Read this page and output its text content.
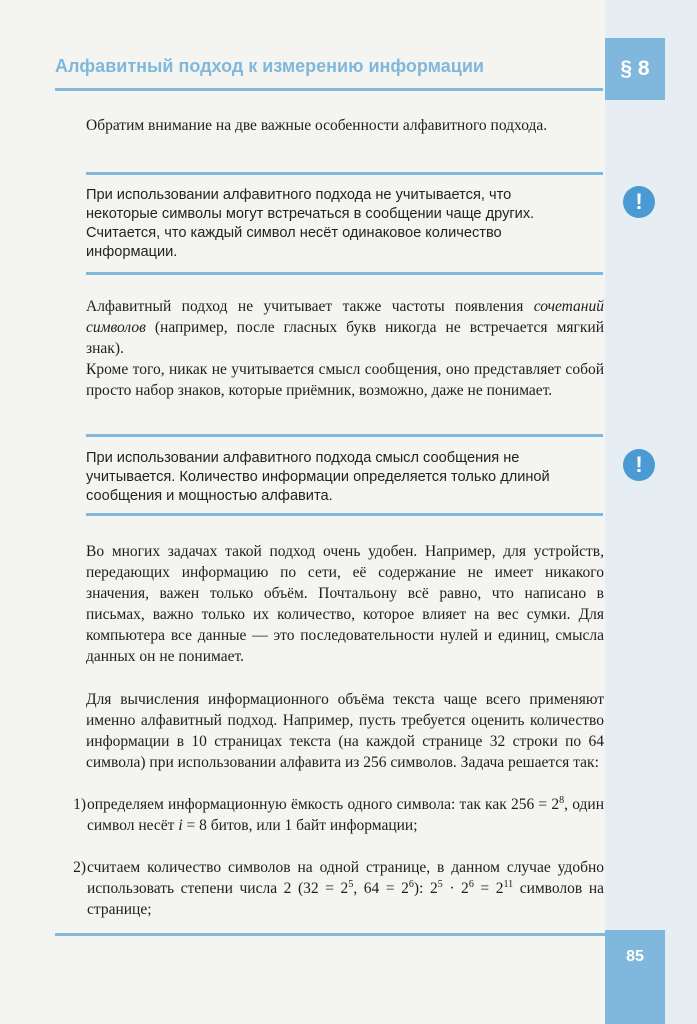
Алфавитный подход к измерению информации	§ 8

Обратим внимание на две важные особенности алфавитного подхода.

При использовании алфавитного подхода не учитывается, что некоторые символы могут встречаться в сообщении чаще других. Считается, что каждый символ несёт одинаковое количество информации.
!

Алфавитный подход не учитывает также частоты появления сочетаний символов (например, после гласных букв никогда не встречается мягкий знак).

Кроме того, никак не учитывается смысл сообщения, оно представляет собой просто набор знаков, которые приёмник, возможно, даже не понимает.

При использовании алфавитного подхода смысл сообщения не учитывается. Количество информации определяется только длиной сообщения и мощностью алфавита.
!

Во многих задачах такой подход очень удобен. Например, для устройств, передающих информацию по сети, её содержание не имеет никакого значения, важен только объём. Почтальону всё равно, что написано в письмах, важно только их количество, которое влияет на вес сумки. Для компьютера все данные — это последовательности нулей и единиц, смысла данных он не понимает.

Для вычисления информационного объёма текста чаще всего применяют именно алфавитный подход. Например, пусть требуется оценить количество информации в 10 страницах текста (на каждой странице 32 строки по 64 символа) при использовании алфавита из 256 символов. Задача решается так:

1) определяем информационную ёмкость одного символа: так как $256 = 2^8$, один символ несёт i = 8 битов, или 1 байт информации;
2) считаем количество символов на одной странице, в данном случае удобно использовать степени числа 2 ($32 = 2^5$, $64 = 2^6$): $2^5 \cdot 2^6 = 2^{11}$ символов на странице;
85
